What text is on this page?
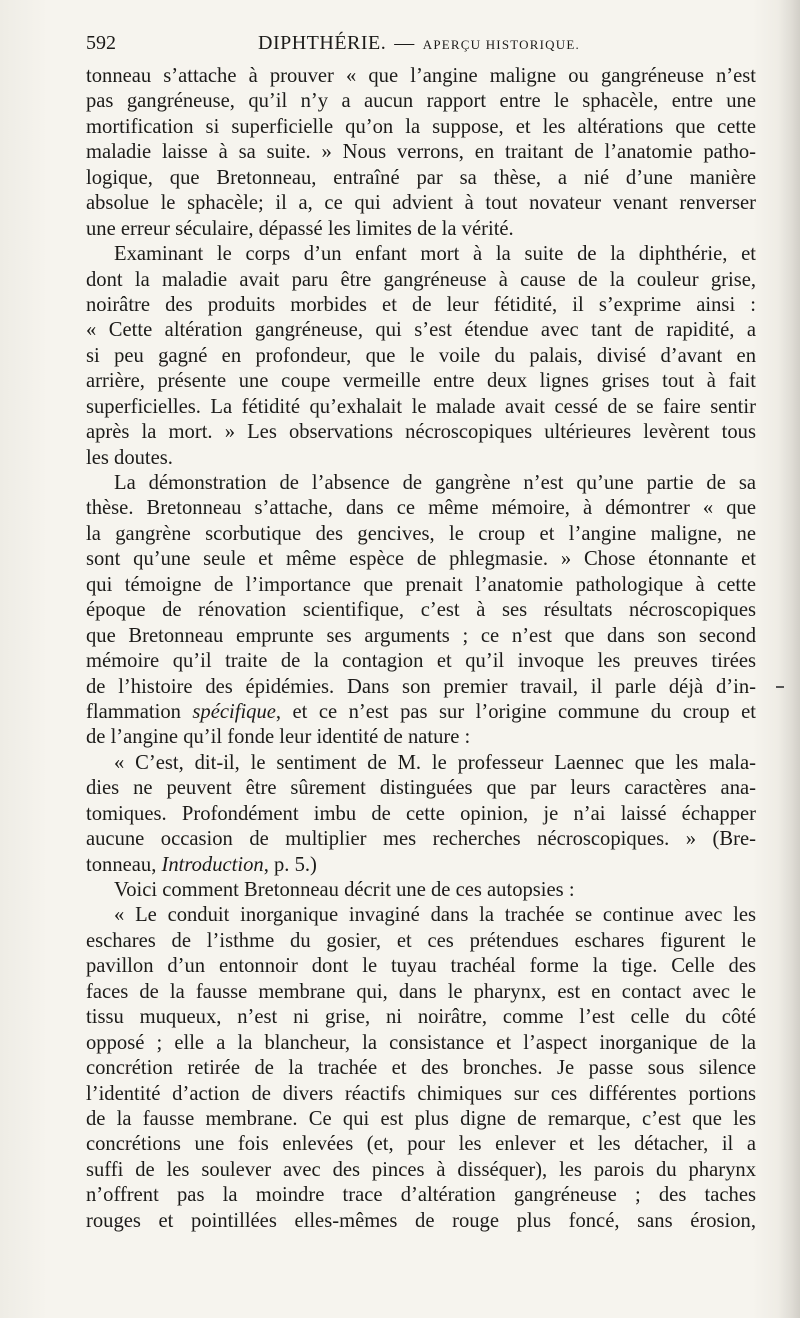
592	DIPHTHÉRIE. — APERÇU HISTORIQUE.
tonneau s’attache à prouver « que l’angine maligne ou gangréneuse n’est
pas gangréneuse, qu’il n’y a aucun rapport entre le sphacèle, entre une
mortification si superficielle qu’on la suppose, et les altérations que cette
maladie laisse à sa suite. » Nous verrons, en traitant de l’anatomie patho-
logique, que Bretonneau, entraîné par sa thèse, a nié d’une manière
absolue le sphacèle; il a, ce qui advient à tout novateur venant renverser
une erreur séculaire, dépassé les limites de la vérité.
Examinant le corps d’un enfant mort à la suite de la diphthérie, et
dont la maladie avait paru être gangréneuse à cause de la couleur grise,
noirâtre des produits morbides et de leur fétidité, il s’exprime ainsi :
« Cette altération gangréneuse, qui s’est étendue avec tant de rapidité, a
si peu gagné en profondeur, que le voile du palais, divisé d’avant en
arrière, présente une coupe vermeille entre deux lignes grises tout à fait
superficielles. La fétidité qu’exhalait le malade avait cessé de se faire sentir
après la mort. » Les observations nécroscopiques ultérieures levèrent tous
les doutes.
La démonstration de l’absence de gangrène n’est qu’une partie de sa
thèse. Bretonneau s’attache, dans ce même mémoire, à démontrer « que
la gangrène scorbutique des gencives, le croup et l’angine maligne, ne
sont qu’une seule et même espèce de phlegmasie. » Chose étonnante et
qui témoigne de l’importance que prenait l’anatomie pathologique à cette
époque de rénovation scientifique, c’est à ses résultats nécroscopiques
que Bretonneau emprunte ses arguments ; ce n’est que dans son second
mémoire qu’il traite de la contagion et qu’il invoque les preuves tirées
de l’histoire des épidémies. Dans son premier travail, il parle déjà d’in-
flammation spécifique, et ce n’est pas sur l’origine commune du croup et
de l’angine qu’il fonde leur identité de nature :
« C’est, dit-il, le sentiment de M. le professeur Laennec que les mala-
dies ne peuvent être sûrement distinguées que par leurs caractères ana-
tomiques. Profondément imbu de cette opinion, je n’ai laissé échapper
aucune occasion de multiplier mes recherches nécroscopiques. » (Bre-
tonneau, Introduction, p. 5.)
Voici comment Bretonneau décrit une de ces autopsies :
« Le conduit inorganique invaginé dans la trachée se continue avec les
eschares de l’isthme du gosier, et ces prétendues eschares figurent le
pavillon d’un entonnoir dont le tuyau trachéal forme la tige. Celle des
faces de la fausse membrane qui, dans le pharynx, est en contact avec le
tissu muqueux, n’est ni grise, ni noirâtre, comme l’est celle du côté
opposé ; elle a la blancheur, la consistance et l’aspect inorganique de la
concrétion retirée de la trachée et des bronches. Je passe sous silence
l’identité d’action de divers réactifs chimiques sur ces différentes portions
de la fausse membrane. Ce qui est plus digne de remarque, c’est que les
concrétions une fois enlevées (et, pour les enlever et les détacher, il a
suffi de les soulever avec des pinces à disséquer), les parois du pharynx
n’offrent pas la moindre trace d’altération gangréneuse ; des taches
rouges et pointillées elles-mêmes de rouge plus foncé, sans érosion,
